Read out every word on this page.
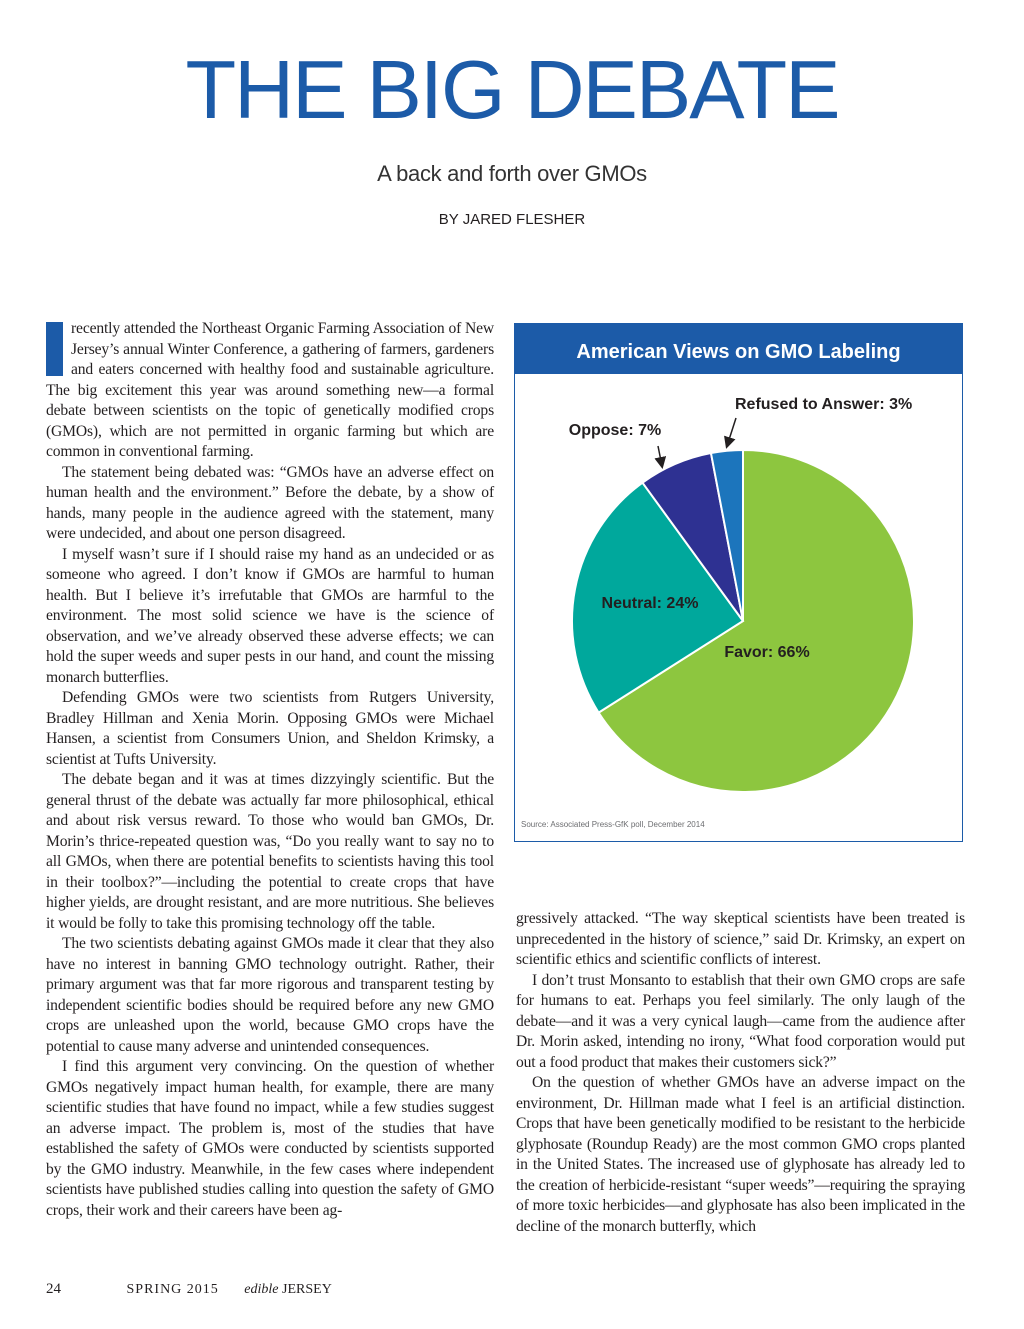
THE BIG DEBATE
A back and forth over GMOs
BY JARED FLESHER

recently attended the Northeast Organic Farming Association of New Jersey’s annual Winter Conference, a gathering of farmers, gardeners and eaters concerned with healthy food and sustainable agriculture. The big excitement this year was around something new—a formal debate between scientists on the topic of genetically modified crops (GMOs), which are not permitted in organic farming but which are common in conventional farming.

The statement being debated was: “GMOs have an adverse effect on human health and the environment.” Before the debate, by a show of hands, many people in the audience agreed with the statement, many were undecided, and about one person disagreed.

I myself wasn’t sure if I should raise my hand as an undecided or as someone who agreed. I don’t know if GMOs are harmful to human health. But I believe it’s irrefutable that GMOs are harmful to the environment. The most solid science we have is the science of observation, and we’ve already observed these adverse effects; we can hold the super weeds and super pests in our hand, and count the missing monarch butterflies.

Defending GMOs were two scientists from Rutgers University, Bradley Hillman and Xenia Morin. Opposing GMOs were Michael Hansen, a scientist from Consumers Union, and Sheldon Krimsky, a scientist at Tufts University.

The debate began and it was at times dizzyingly scientific. But the general thrust of the debate was actually far more philosophical, ethical and about risk versus reward. To those who would ban GMOs, Dr. Morin’s thrice-repeated question was, “Do you really want to say no to all GMOs, when there are potential benefits to scientists having this tool in their toolbox?”—including the potential to create crops that have higher yields, are drought resistant, and are more nutritious. She believes it would be folly to take this promising technology off the table.

The two scientists debating against GMOs made it clear that they also have no interest in banning GMO technology outright. Rather, their primary argument was that far more rigorous and transparent testing by independent scientific bodies should be required before any new GMO crops are unleashed upon the world, because GMO crops have the potential to cause many adverse and unintended consequences.

I find this argument very convincing. On the question of whether GMOs negatively impact human health, for example, there are many scientific studies that have found no impact, while a few studies suggest an adverse impact. The problem is, most of the studies that have established the safety of GMOs were conducted by scientists supported by the GMO industry. Meanwhile, in the few cases where independent scientists have published studies calling into question the safety of GMO crops, their work and their careers have been ag-

American Views on GMO Labeling
Favor: 66%
Neutral: 24%
Oppose: 7%
Refused to Answer: 3%
Source: Associated Press-GfK poll, December 2014

gressively attacked. “The way skeptical scientists have been treated is unprecedented in the history of science,” said Dr. Krimsky, an expert on scientific ethics and scientific conflicts of interest.

I don’t trust Monsanto to establish that their own GMO crops are safe for humans to eat. Perhaps you feel similarly. The only laugh of the debate—and it was a very cynical laugh—came from the audience after Dr. Morin asked, intending no irony, “What food corporation would put out a food product that makes their customers sick?”

On the question of whether GMOs have an adverse impact on the environment, Dr. Hillman made what I feel is an artificial distinction. Crops that have been genetically modified to be resistant to the herbicide glyphosate (Roundup Ready) are the most common GMO crops planted in the United States. The increased use of glyphosate has already led to the creation of herbicide-resistant “super weeds”—requiring the spraying of more toxic herbicides—and glyphosate has also been implicated in the decline of the monarch butterfly, which

24	SPRING 2015 edible JERSEY
